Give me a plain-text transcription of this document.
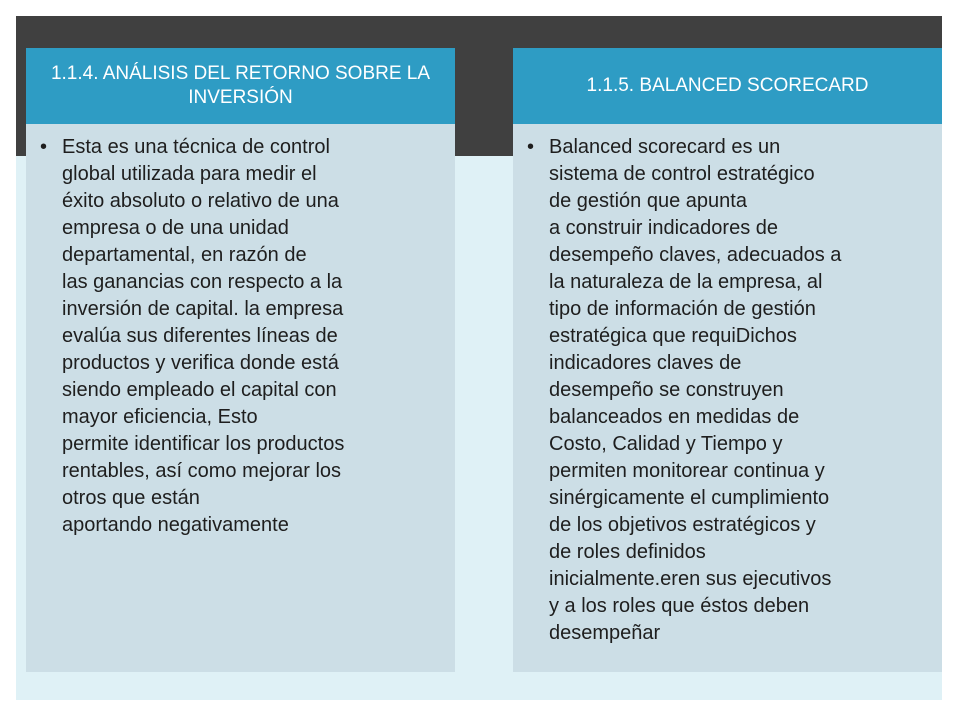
1.1.4. ANÁLISIS DEL RETORNO SOBRE LA INVERSIÓN
• Esta es una técnica de control
global utilizada para medir el
éxito absoluto o relativo de una
empresa o de una unidad
departamental, en razón de
las ganancias con respecto a la
inversión de capital. la empresa
evalúa sus diferentes líneas de
productos y verifica donde está
siendo empleado el capital con
mayor eficiencia, Esto
permite identificar los productos
rentables, así como mejorar los
otros que están
aportando negativamente
1.1.5. BALANCED SCORECARD
• Balanced scorecard es un
sistema de control estratégico
de gestión que apunta
a construir indicadores de
desempeño claves, adecuados a
la naturaleza de la empresa, al
tipo de información de gestión
estratégica que requiDichos
indicadores claves de
desempeño se construyen
balanceados en medidas de
Costo, Calidad y Tiempo y
permiten monitorear continua y
sinérgicamente el cumplimiento
de los objetivos estratégicos y
de roles definidos
inicialmente.eren sus ejecutivos
y a los roles que éstos deben
desempeñar
